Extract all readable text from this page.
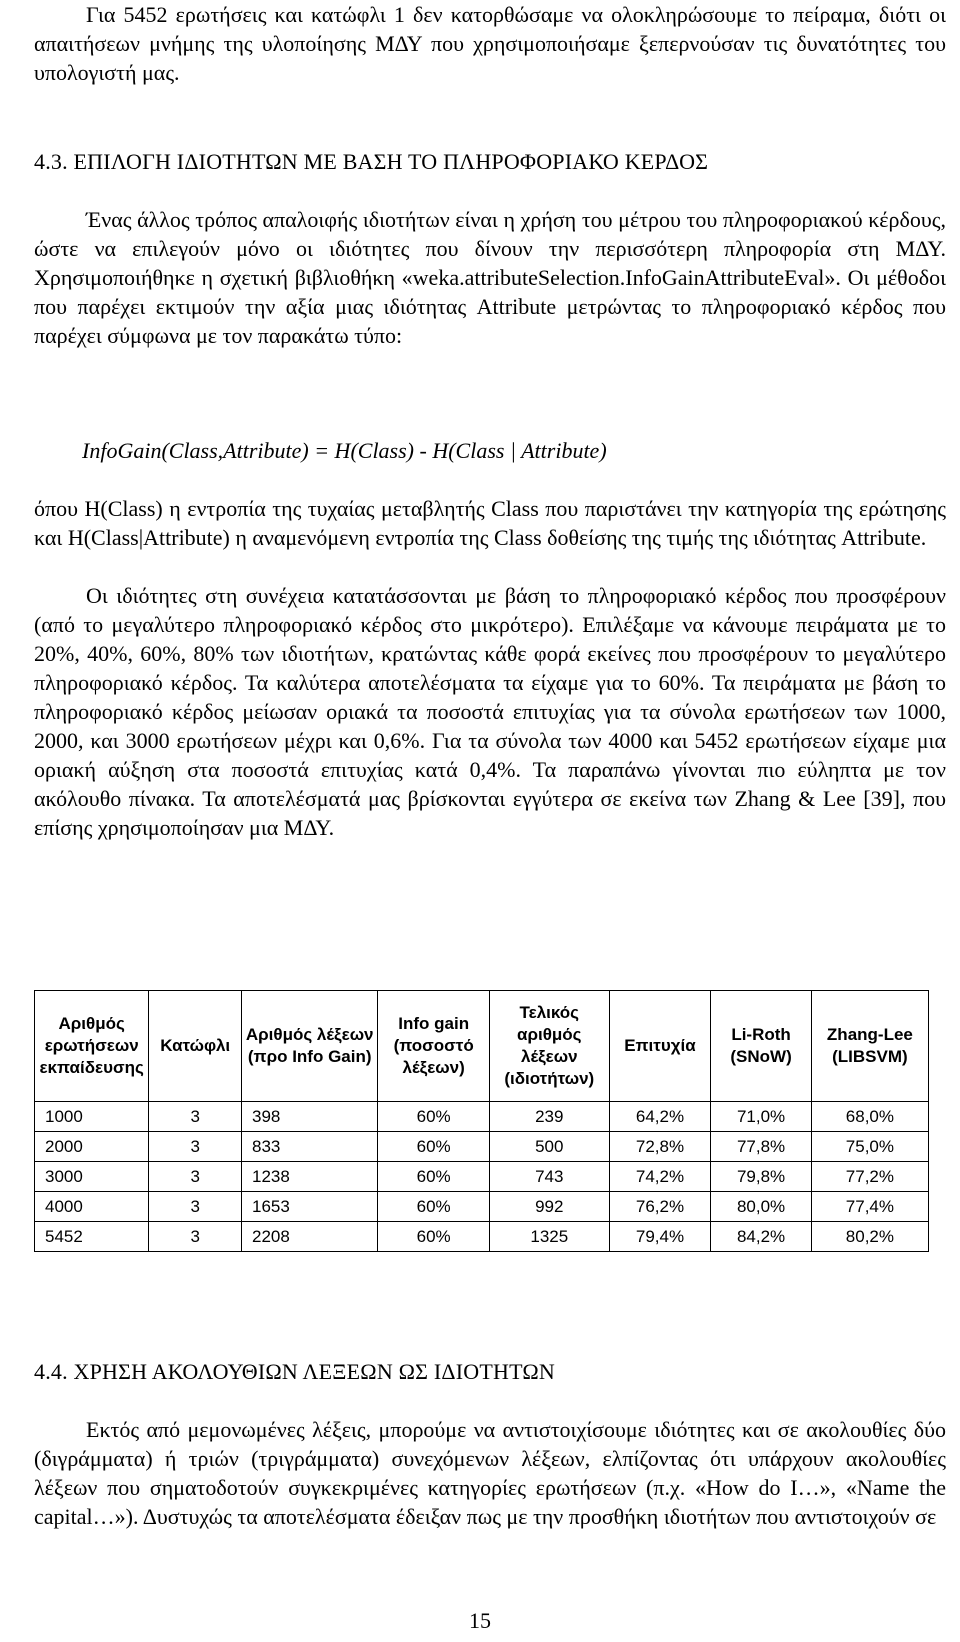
Για 5452 ερωτήσεις και κατώφλι 1 δεν κατορθώσαμε να ολοκληρώσουμε το πείραμα, διότι οι απαιτήσεων μνήμης της υλοποίησης ΜΔΥ που χρησιμοποιήσαμε ξεπερνούσαν τις δυνατότητες του υπολογιστή μας.

4.3. ΕΠΙΛΟΓΗ ΙΔΙΟΤΗΤΩΝ ΜΕ ΒΑΣΗ ΤΟ ΠΛΗΡΟΦΟΡΙΑΚΟ ΚΕΡΔΟΣ

Ένας άλλος τρόπος απαλοιφής ιδιοτήτων είναι η χρήση του μέτρου του πληροφοριακού κέρδους, ώστε να επιλεγούν μόνο οι ιδιότητες που δίνουν την περισσότερη πληροφορία στη ΜΔΥ. Χρησιμοποιήθηκε η σχετική βιβλιοθήκη «weka.attributeSelection.InfoGainAttributeEval». Οι μέθοδοι που παρέχει εκτιμούν την αξία μιας ιδιότητας Attribute μετρώντας το πληροφοριακό κέρδος που παρέχει σύμφωνα με τον παρακάτω τύπο:

InfoGain(Class,Attribute) = H(Class) - H(Class | Attribute)

όπου H(Class) η εντροπία της τυχαίας μεταβλητής Class που παριστάνει την κατηγορία της ερώτησης και H(Class|Attribute) η αναμενόμενη εντροπία της Class δοθείσης της τιμής της ιδιότητας Attribute.

Οι ιδιότητες στη συνέχεια κατατάσσονται με βάση το πληροφοριακό κέρδος που προσφέρουν (από το μεγαλύτερο πληροφοριακό κέρδος στο μικρότερο). Επιλέξαμε να κάνουμε πειράματα με το 20%, 40%, 60%, 80% των ιδιοτήτων, κρατώντας κάθε φορά εκείνες που προσφέρουν το μεγαλύτερο πληροφοριακό κέρδος. Τα καλύτερα αποτελέσματα τα είχαμε για το 60%. Τα πειράματα με βάση το πληροφοριακό κέρδος μείωσαν οριακά τα ποσοστά επιτυχίας για τα σύνολα ερωτήσεων των 1000, 2000, και 3000 ερωτήσεων μέχρι και 0,6%. Για τα σύνολα των 4000 και 5452 ερωτήσεων είχαμε μια οριακή αύξηση στα ποσοστά επιτυχίας κατά 0,4%. Τα παραπάνω γίνονται πιο εύληπτα με τον ακόλουθο πίνακα. Τα αποτελέσματά μας βρίσκονται εγγύτερα σε εκείνα των Zhang & Lee [39], που επίσης χρησιμοποίησαν μια ΜΔΥ.

Αριθμός ερωτήσεων εκπαίδευσης	Κατώφλι	Αριθμός λέξεων (προ Info Gain)	Info gain (ποσοστό λέξεων)	Τελικός αριθμός λέξεων (ιδιοτήτων)	Επιτυχία	Li-Roth (SNoW)	Zhang-Lee (LIBSVM)
1000	3	398	60%	239	64,2%	71,0%	68,0%
2000	3	833	60%	500	72,8%	77,8%	75,0%
3000	3	1238	60%	743	74,2%	79,8%	77,2%
4000	3	1653	60%	992	76,2%	80,0%	77,4%
5452	3	2208	60%	1325	79,4%	84,2%	80,2%
4.4. ΧΡΗΣΗ ΑΚΟΛΟΥΘΙΩΝ ΛΕΞΕΩΝ ΩΣ ΙΔΙΟΤΗΤΩΝ

Εκτός από μεμονωμένες λέξεις, μπορούμε να αντιστοιχίσουμε ιδιότητες και σε ακολουθίες δύο (διγράμματα) ή τριών (τριγράμματα) συνεχόμενων λέξεων, ελπίζοντας ότι υπάρχουν ακολουθίες λέξεων που σηματοδοτούν συγκεκριμένες κατηγορίες ερωτήσεων (π.χ. «How do I…», «Name the capital…»). Δυστυχώς τα αποτελέσματα έδειξαν πως με την προσθήκη ιδιοτήτων που αντιστοιχούν σε

15
